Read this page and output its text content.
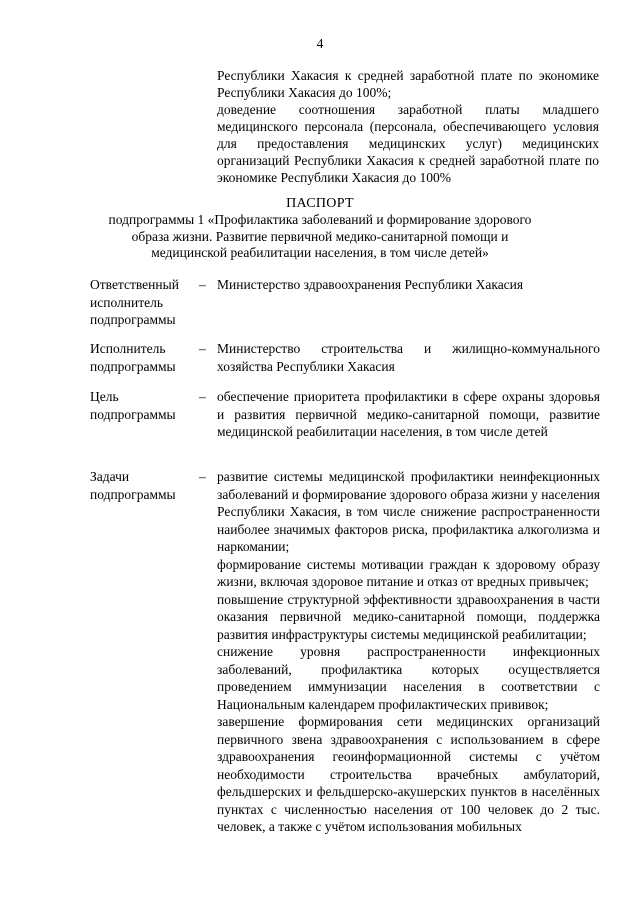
4

Республики Хакасия к средней заработной плате по экономике Республики Хакасия до 100%;

доведение соотношения заработной платы младшего медицинского персонала (персонала, обеспечивающего условия для предоставления медицинских услуг) медицинских организаций Республики Хакасия к средней заработной плате по экономике Республики Хакасия до 100%

ПАСПОРТ
подпрограммы 1 «Профилактика заболеваний и формирование здорового образа жизни. Развитие первичной медико-санитарной помощи и медицинской реабилитации населения, в том числе детей»
Ответственный
исполнитель
подпрограммы
– Министерство здравоохранения Республики Хакасия

Исполнитель
подпрограммы
– Министерство строительства и жилищно-коммунального хозяйства Республики Хакасия

Цель
подпрограммы
– обеспечение приоритета профилактики в сфере охраны здоровья и развития первичной медико-санитарной помощи, развитие медицинской реабилитации населения, в том числе детей

Задачи
подпрограммы
– развитие системы медицинской профилактики неинфекционных заболеваний и формирование здорового образа жизни у населения Республики Хакасия, в том числе снижение распространенности наиболее значимых факторов риска, профилактика алкоголизма и наркомании;

формирование системы мотивации граждан к здоровому образу жизни, включая здоровое питание и отказ от вредных привычек;

повышение структурной эффективности здравоохранения в части оказания первичной медико-санитарной помощи, поддержка развития инфраструктуры системы медицинской реабилитации;

снижение уровня распространенности инфекционных заболеваний, профилактика которых осуществляется проведением иммунизации населения в соответствии с Национальным календарем профилактических прививок;

завершение формирования сети медицинских организаций первичного звена здравоохранения с использованием в сфере здравоохранения геоинформационной системы с учётом необходимости строительства врачебных амбулаторий, фельдшерских и фельдшерско-акушерских пунктов в населённых пунктах с численностью населения от 100 человек до 2 тыс. человек, а также с учётом использования мобильных
